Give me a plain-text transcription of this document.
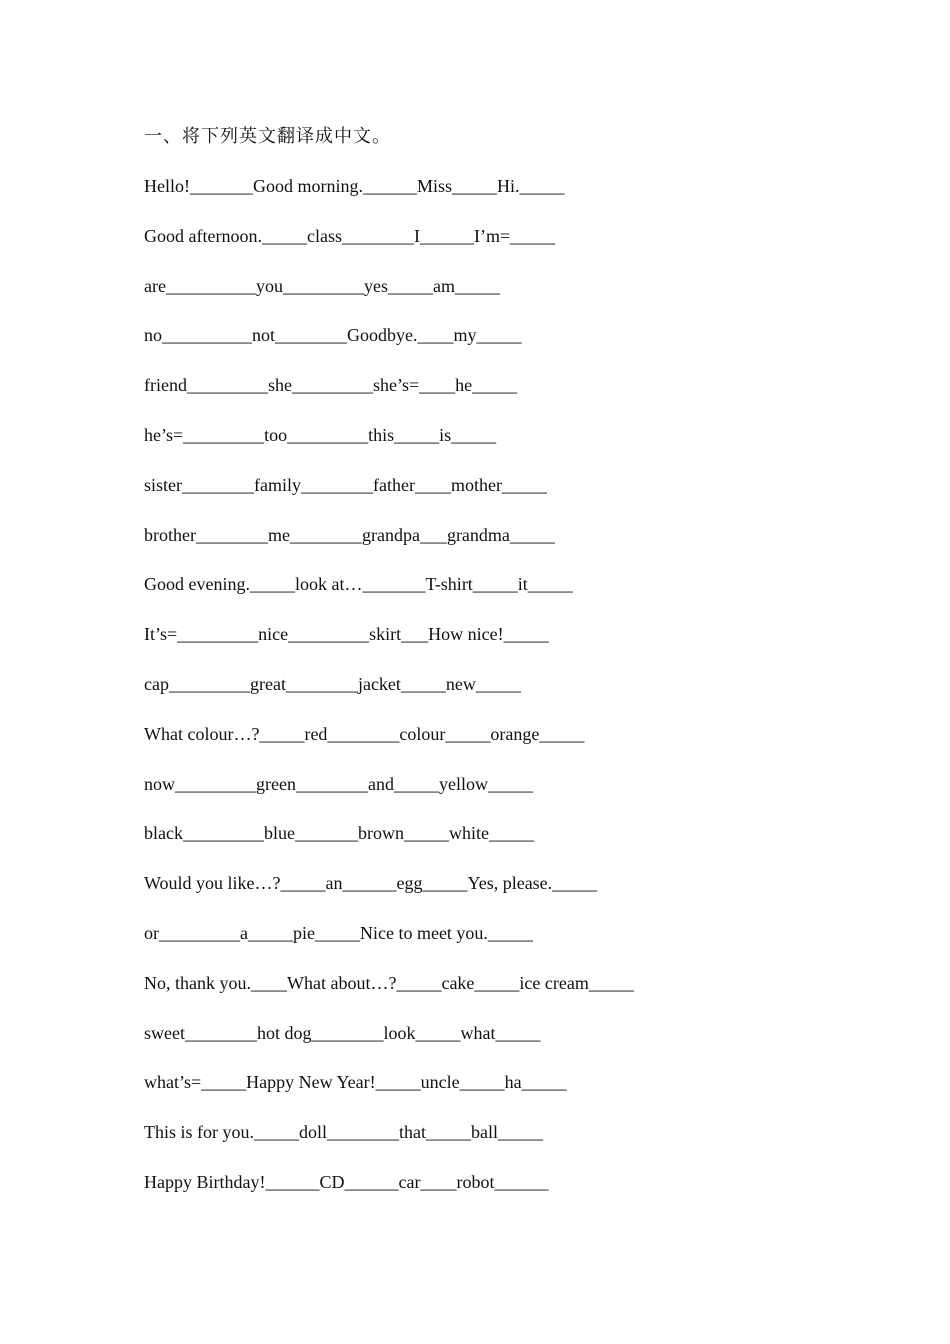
一、将下列英文翻译成中文。
Hello!_______Good morning.______Miss_____Hi._____
Good afternoon._____class________I______I’m=_____
are__________you_________yes_____am_____
no__________not________Goodbye.____my_____
friend_________she_________she’s=____he_____
he’s=_________too_________this_____is_____
sister________family________father____mother_____
brother________me________grandpa___grandma_____
Good evening._____look at…_______T-shirt_____it_____
It’s=_________nice_________skirt___How nice!_____
cap_________great________jacket_____new_____
What colour…?_____red________colour_____orange_____
now_________green________and_____yellow_____
black_________blue_______brown_____white_____
Would you like…?_____an______egg_____Yes, please._____
or_________a_____pie_____Nice to meet you._____
No, thank you.____What about…?_____cake_____ice cream_____
sweet________hot dog________look_____what_____
what’s=_____Happy New Year!_____uncle_____ha_____
This is for you._____doll________that_____ball_____
Happy Birthday!______CD______car____robot______
